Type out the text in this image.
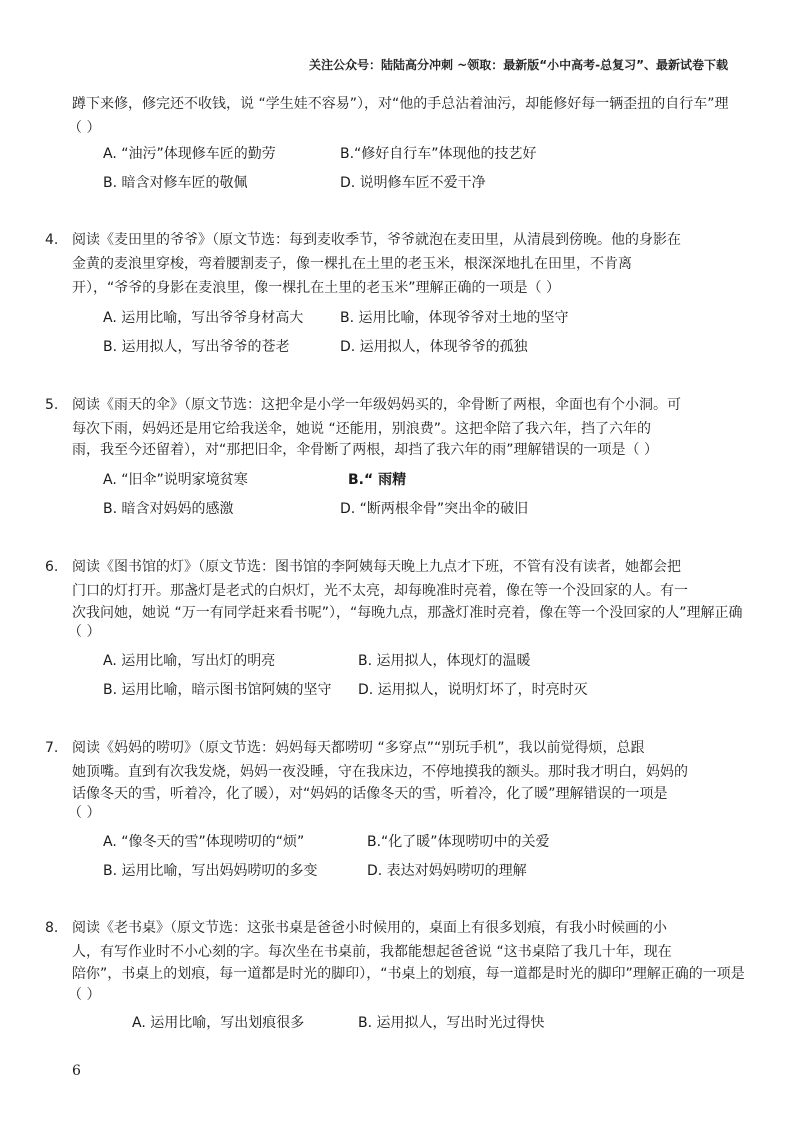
关注公众号：陆陆高分冲刺 ~领取：最新版“小中高考-总复习”、最新试卷下载
蹲下来修，修完还不收钱，说 “学生娃不容易”），对“他的手总沾着油污，却能修好每一辆歪扭的自行车”理
（ ）
A. “油污”体现修车匠的勤劳	B.“修好自行车”体现他的技艺好
B. 暗含对修车匠的敬佩	D. 说明修车匠不爱干净
4. 阅读《麦田里的爷爷》（原文节选：每到麦收季节，爷爷就泡在麦田里，从清晨到傍晚。他的身影在
金黄的麦浪里穿梭，弯着腰割麦子，像一棵扎在土里的老玉米，根深深地扎在田里，不肯离
开），“爷爷的身影在麦浪里，像一棵扎在土里的老玉米”理解正确的一项是（ ）
A. 运用比喻，写出爷爷身材高大	B. 运用比喻，体现爷爷对土地的坚守
B. 运用拟人，写出爷爷的苍老	D. 运用拟人，体现爷爷的孤独
5. 阅读《雨天的伞》（原文节选：这把伞是小学一年级妈妈买的，伞骨断了两根，伞面也有个小洞。可
每次下雨，妈妈还是用它给我送伞，她说 “还能用，别浪费”。这把伞陪了我六年，挡了六年的
雨，我至今还留着），对“那把旧伞，伞骨断了两根，却挡了我六年的雨”理解错误的一项是（ ）
A. “旧伞”说明家境贫寒	B.“ 雨精
B. 暗含对妈妈的感激	D. “断两根伞骨”突出伞的破旧
6. 阅读《图书馆的灯》（原文节选：图书馆的李阿姨每天晚上九点才下班，不管有没有读者，她都会把
门口的灯打开。那盏灯是老式的白炽灯，光不太亮，却每晚准时亮着，像在等一个没回家的人。有一
次我问她，她说 “万一有同学赶来看书呢”），“每晚九点，那盏灯准时亮着，像在等一个没回家的人”理解正确
（ ）
A. 运用比喻，写出灯的明亮	B. 运用拟人，体现灯的温暖
B. 运用比喻，暗示图书馆阿姨的坚守 D. 运用拟人，说明灯坏了，时亮时灭
7. 阅读《妈妈的唠叨》（原文节选：妈妈每天都唠叨 “多穿点”“别玩手机”，我以前觉得烦，总跟
她顶嘴。直到有次我发烧，妈妈一夜没睡，守在我床边，不停地摸我的额头。那时我才明白，妈妈的
话像冬天的雪，听着冷，化了暖），对“妈妈的话像冬天的雪，听着冷，化了暖”理解错误的一项是
（ ）
A. “像冬天的雪”体现唠叨的“烦”	B.“化了暖”体现唠叨中的关爱
B. 运用比喻，写出妈妈唠叨的多变	D. 表达对妈妈唠叨的理解
8. 阅读《老书桌》（原文节选：这张书桌是爸爸小时候用的，桌面上有很多划痕，有我小时候画的小
人，有写作业时不小心刻的字。每次坐在书桌前，我都能想起爸爸说 “这书桌陪了我几十年，现在
陪你”，书桌上的划痕，每一道都是时光的脚印），“书桌上的划痕，每一道都是时光的脚印”理解正确的一项是
（ ）
A. 运用比喻，写出划痕很多	B. 运用拟人，写出时光过得快
6
